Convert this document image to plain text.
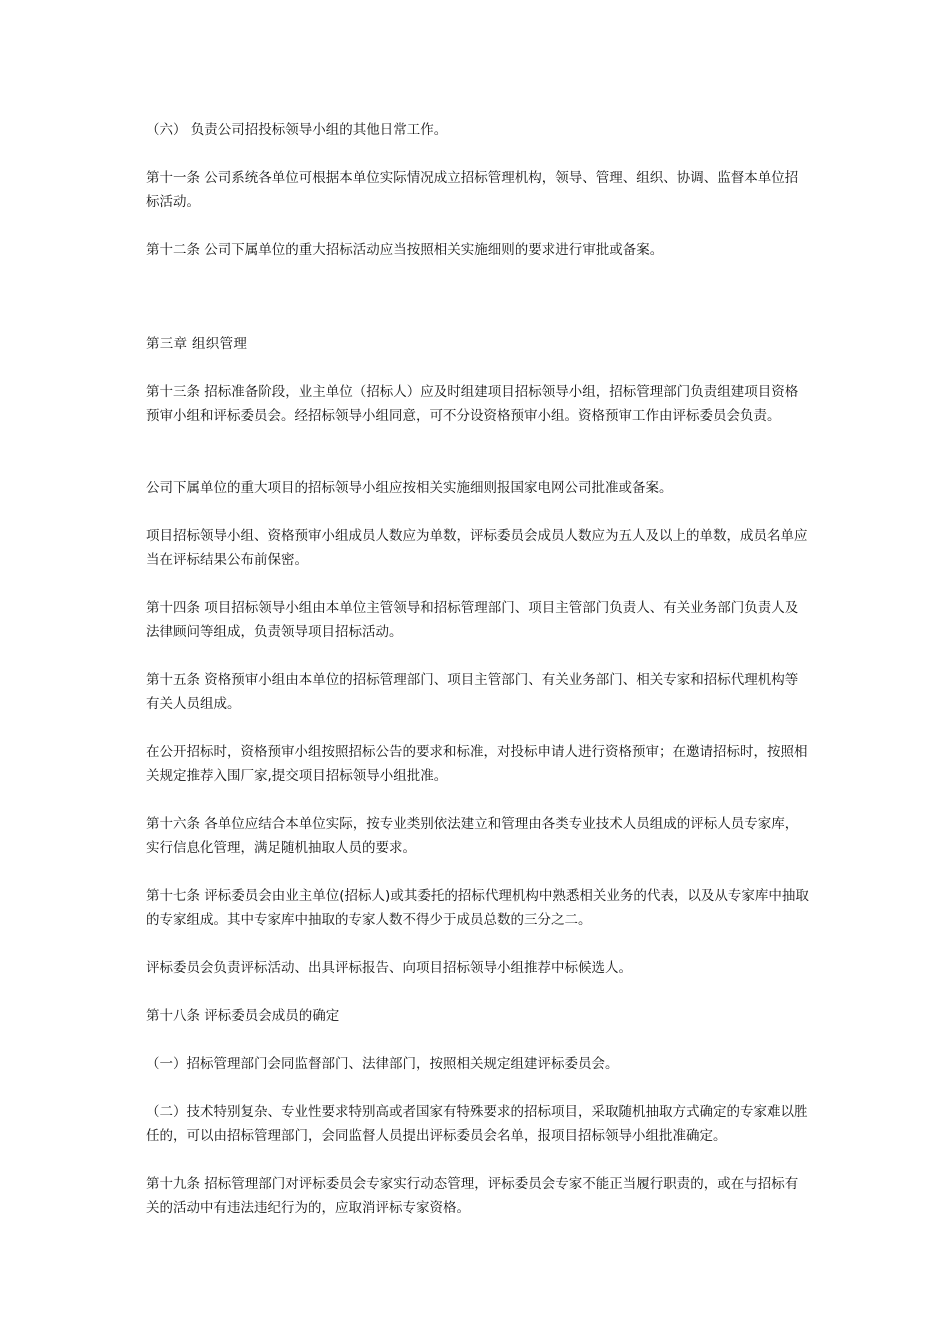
（六） 负责公司招投标领导小组的其他日常工作。

第十一条 公司系统各单位可根据本单位实际情况成立招标管理机构，领导、管理、组织、协调、监督本单位招标活动。

第十二条 公司下属单位的重大招标活动应当按照相关实施细则的要求进行审批或备案。

第三章 组织管理

第十三条 招标准备阶段，业主单位（招标人）应及时组建项目招标领导小组，招标管理部门负责组建项目资格预审小组和评标委员会。经招标领导小组同意，可不分设资格预审小组。资格预审工作由评标委员会负责。

公司下属单位的重大项目的招标领导小组应按相关实施细则报国家电网公司批准或备案。

项目招标领导小组、资格预审小组成员人数应为单数，评标委员会成员人数应为五人及以上的单数，成员名单应当在评标结果公布前保密。

第十四条 项目招标领导小组由本单位主管领导和招标管理部门、项目主管部门负责人、有关业务部门负责人及法律顾问等组成，负责领导项目招标活动。

第十五条 资格预审小组由本单位的招标管理部门、项目主管部门、有关业务部门、相关专家和招标代理机构等有关人员组成。

在公开招标时，资格预审小组按照招标公告的要求和标准，对投标申请人进行资格预审；在邀请招标时，按照相关规定推荐入围厂家,提交项目招标领导小组批准。

第十六条 各单位应结合本单位实际，按专业类别依法建立和管理由各类专业技术人员组成的评标人员专家库，实行信息化管理，满足随机抽取人员的要求。

第十七条 评标委员会由业主单位(招标人)或其委托的招标代理机构中熟悉相关业务的代表，以及从专家库中抽取的专家组成。其中专家库中抽取的专家人数不得少于成员总数的三分之二。

评标委员会负责评标活动、出具评标报告、向项目招标领导小组推荐中标候选人。

第十八条 评标委员会成员的确定

（一）招标管理部门会同监督部门、法律部门，按照相关规定组建评标委员会。

（二）技术特别复杂、专业性要求特别高或者国家有特殊要求的招标项目，采取随机抽取方式确定的专家难以胜任的，可以由招标管理部门，会同监督人员提出评标委员会名单，报项目招标领导小组批准确定。

第十九条 招标管理部门对评标委员会专家实行动态管理，评标委员会专家不能正当履行职责的，或在与招标有关的活动中有违法违纪行为的，应取消评标专家资格。
